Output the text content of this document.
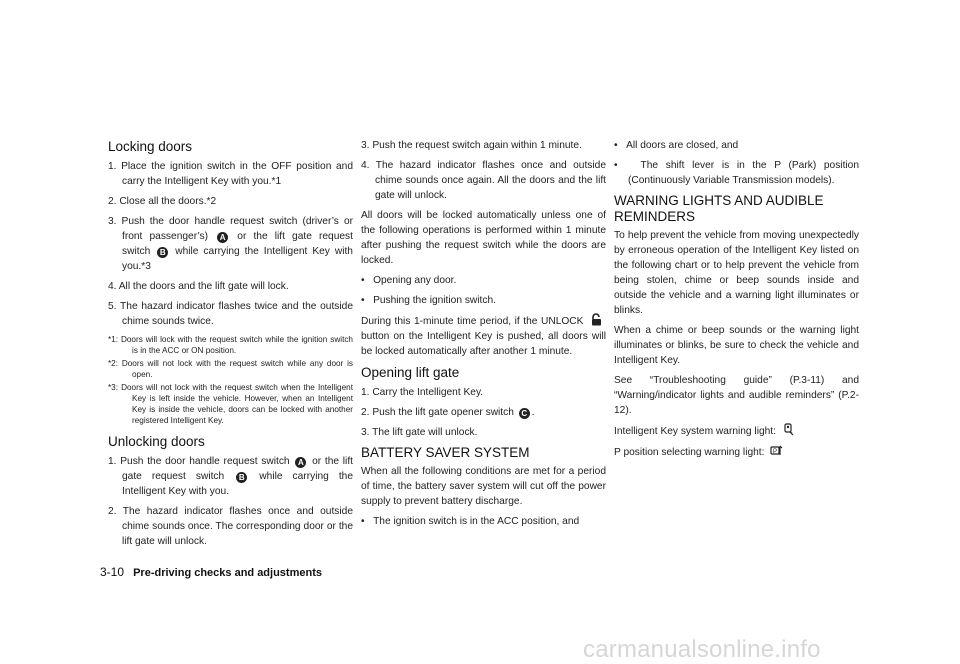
Locking doors
1. Place the ignition switch in the OFF position and carry the Intelligent Key with you.*1
2. Close all the doors.*2
3. Push the door handle request switch (driver’s or front passenger’s) A or the lift gate request switch B while carrying the Intelligent Key with you.*3
4. All the doors and the lift gate will lock.
5. The hazard indicator flashes twice and the outside chime sounds twice.
*1: Doors will lock with the request switch while the ignition switch is in the ACC or ON position.
*2: Doors will not lock with the request switch while any door is open.
*3: Doors will not lock with the request switch when the Intelligent Key is left inside the vehicle. However, when an Intelligent Key is inside the vehicle, doors can be locked with another registered Intelligent Key.
Unlocking doors
1. Push the door handle request switch A or the lift gate request switch B while carrying the Intelligent Key with you.
2. The hazard indicator flashes once and outside chime sounds once. The corresponding door or the lift gate will unlock.
3. Push the request switch again within 1 minute.
4. The hazard indicator flashes once and outside chime sounds once again. All the doors and the lift gate will unlock.
All doors will be locked automatically unless one of the following operations is performed within 1 minute after pushing the request switch while the doors are locked.
•   Opening any door.
•   Pushing the ignition switch.
During this 1-minute time period, if the UNLOCK  button on the Intelligent Key is pushed, all doors will be locked automatically after another 1 minute.
Opening lift gate
1. Carry the Intelligent Key.
2. Push the lift gate opener switch C .
3. The lift gate will unlock.
BATTERY SAVER SYSTEM
When all the following conditions are met for a period of time, the battery saver system will cut off the power supply to prevent battery discharge.
•   The ignition switch is in the ACC position, and
•   All doors are closed, and
•   The shift lever is in the P (Park) position (Continuously Variable Transmission models).
WARNING LIGHTS AND AUDIBLE REMINDERS
To help prevent the vehicle from moving unexpectedly by erroneous operation of the Intelligent Key listed on the following chart or to help prevent the vehicle from being stolen, chime or beep sounds inside and outside the vehicle and a warning light illuminates or blinks.
When a chime or beep sounds or the warning light illuminates or blinks, be sure to check the vehicle and Intelligent Key.
See “Troubleshooting guide” (P.3-11) and “Warning/indicator lights and audible reminders” (P.2-12).
Intelligent Key system warning light:
P position selecting warning light: P
3-10 Pre-driving checks and adjustments
carmanualsonline.info
